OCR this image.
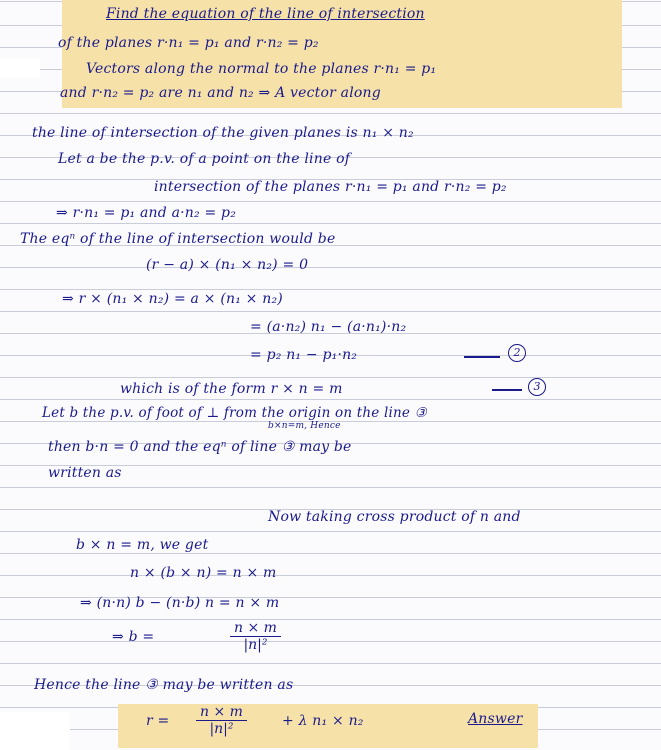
Find the equation of the line of intersection
of the planes r·n₁ = p₁ and r·n₂ = p₂
Vectors along the normal to the planes r·n₁ = p₁
and r·n₂ = p₂ are n₁ and n₂ ⇒ A vector along
the line of intersection of the given planes is n₁ × n₂
Let a be the p.v. of a point on the line of
intersection of the planes r·n₁ = p₁ and r·n₂ = p₂
⇒ r·n₁ = p₁ and a·n₂ = p₂
The eqⁿ of the line of intersection would be
(r − a) × (n₁ × n₂) = 0
⇒ r × (n₁ × n₂) = a × (n₁ × n₂)
= (a·n₂) n₁ − (a·n₁)·n₂
= p₂ n₁ − p₁·n₂	2
which is of the form r × n = m	3
Let b the p.v. of foot of ⊥ from the origin on the line ③
b×n=m, Hence
then b·n = 0 and the eqⁿ of line ③ may be
written as
Now taking cross product of n and
b × n = m, we get
n × (b × n) = n × m
⇒ (n·n) b − (n·b) n = n × m
⇒ b =	$\frac{n \times m}{\text{|n|²}}$
Hence the line ③ may be written as
$r = \frac{n \times m}{\text{|n|²}}$	+ λ n₁ × n₂	Answer
